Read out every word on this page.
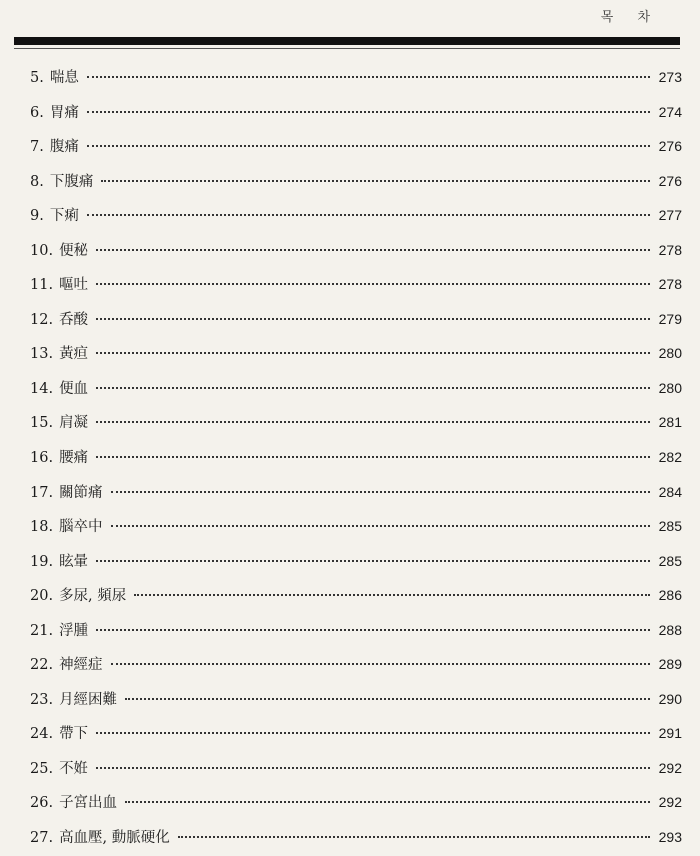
목 차
5. 喘息	273
6. 胃痛	274
7. 腹痛	276
8. 下腹痛	276
9. 下痢	277
10. 便秘	278
11. 嘔吐	278
12. 呑酸	279
13. 黃疸	280
14. 便血	280
15. 肩凝	281
16. 腰痛	282
17. 關節痛	284
18. 腦卒中	285
19. 眩暈	285
20. 多尿, 頻尿	286
21. 浮腫	288
22. 神經症	289
23. 月經困難	290
24. 帶下	291
25. 不姙	292
26. 子宮出血	292
27. 高血壓, 動脈硬化	293
